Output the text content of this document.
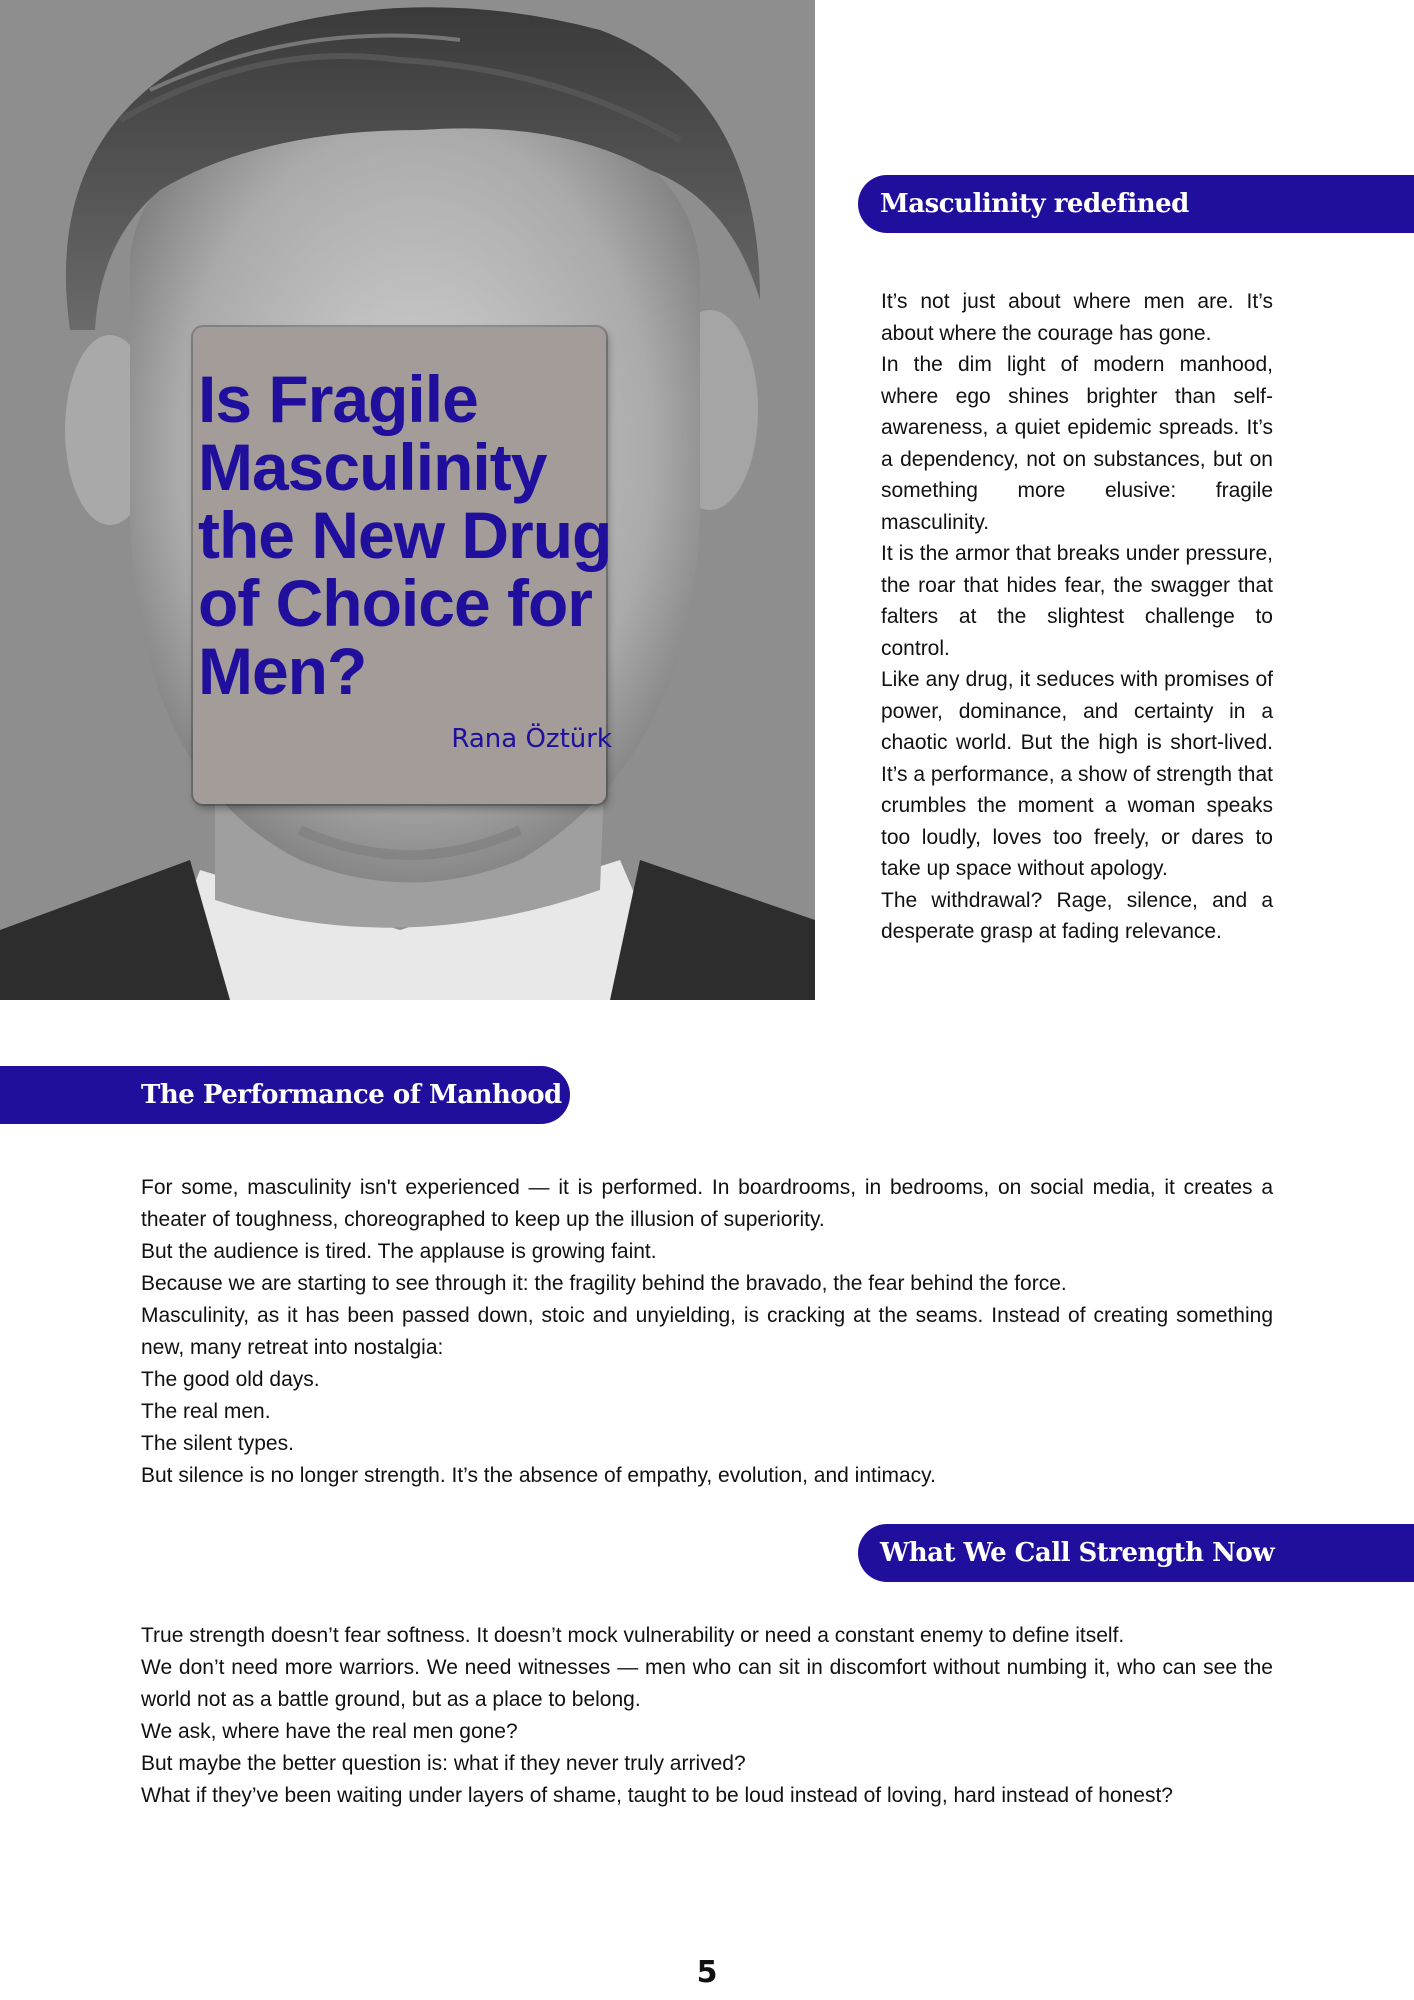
Is Fragile Masculinity the New Drug of Choice for Men?
Rana Öztürk
Masculinity redefined

It’s not just about where men are. It’s about where the courage has gone.

In the dim light of modern manhood, where ego shines brighter than self-awareness, a quiet epidemic spreads. It’s a dependency, not on substances, but on something more elusive: fragile masculinity.

It is the armor that breaks under pressure, the roar that hides fear, the swagger that falters at the slightest challenge to control.

Like any drug, it seduces with promises of power, dominance, and certainty in a chaotic world. But the high is short-lived. It’s a performance, a show of strength that crumbles the moment a woman speaks too loudly, loves too freely, or dares to take up space without apology.

The withdrawal? Rage, silence, and a desperate grasp at fading relevance.

The Performance of Manhood

For some, masculinity isn't experienced — it is performed. In boardrooms, in bedrooms, on social media, it creates a theater of toughness, choreographed to keep up the illusion of superiority.

But the audience is tired. The applause is growing faint.

Because we are starting to see through it: the fragility behind the bravado, the fear behind the force.

Masculinity, as it has been passed down, stoic and unyielding, is cracking at the seams. Instead of creating something new, many retreat into nostalgia:

The good old days.

The real men.

The silent types.

But silence is no longer strength. It’s the absence of empathy, evolution, and intimacy.

What We Call Strength Now

True strength doesn’t fear softness. It doesn’t mock vulnerability or need a constant enemy to define itself.

We don’t need more warriors. We need witnesses — men who can sit in discomfort without numbing it, who can see the world not as a battle ground, but as a place to belong.

We ask, where have the real men gone?

But maybe the better question is: what if they never truly arrived?

What if they’ve been waiting under layers of shame, taught to be loud instead of loving, hard instead of honest?

5
